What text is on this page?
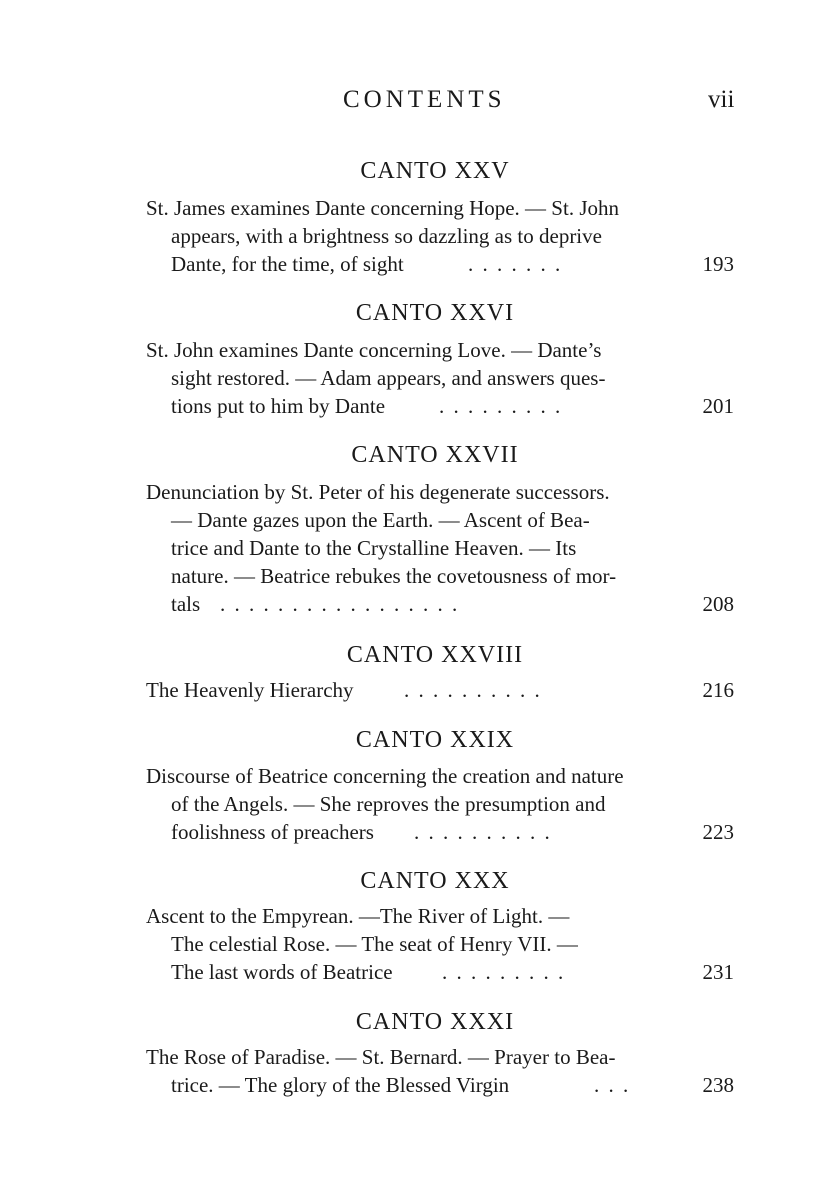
CONTENTS	vii
CANTO XXV
St. James examines Dante concerning Hope. — St. John
appears, with a brightness so dazzling as to deprive
Dante, for the time, of sight	. . . . . . .	193
CANTO XXVI
St. John examines Dante concerning Love. — Dante’s
sight restored. — Adam appears, and answers ques-
tions put to him by Dante	. . . . . . . . .	201
CANTO XXVII
Denunciation by St. Peter of his degenerate successors.
— Dante gazes upon the Earth. — Ascent of Bea-
trice and Dante to the Crystalline Heaven. — Its
nature. — Beatrice rebukes the covetousness of mor-
tals . . . . . . . . . . . . . . . . .	208
CANTO XXVIII
The Heavenly Hierarchy . . . . . . . . . .	216
CANTO XXIX
Discourse of Beatrice concerning the creation and nature
of the Angels. — She reproves the presumption and
foolishness of preachers . . . . . . . . . .	223
CANTO XXX
Ascent to the Empyrean. —The River of Light. —
The celestial Rose. — The seat of Henry VII. —
The last words of Beatrice . . . . . . . . .	231
CANTO XXXI
The Rose of Paradise. — St. Bernard. — Prayer to Bea-
trice. — The glory of the Blessed Virgin	. . .	238
